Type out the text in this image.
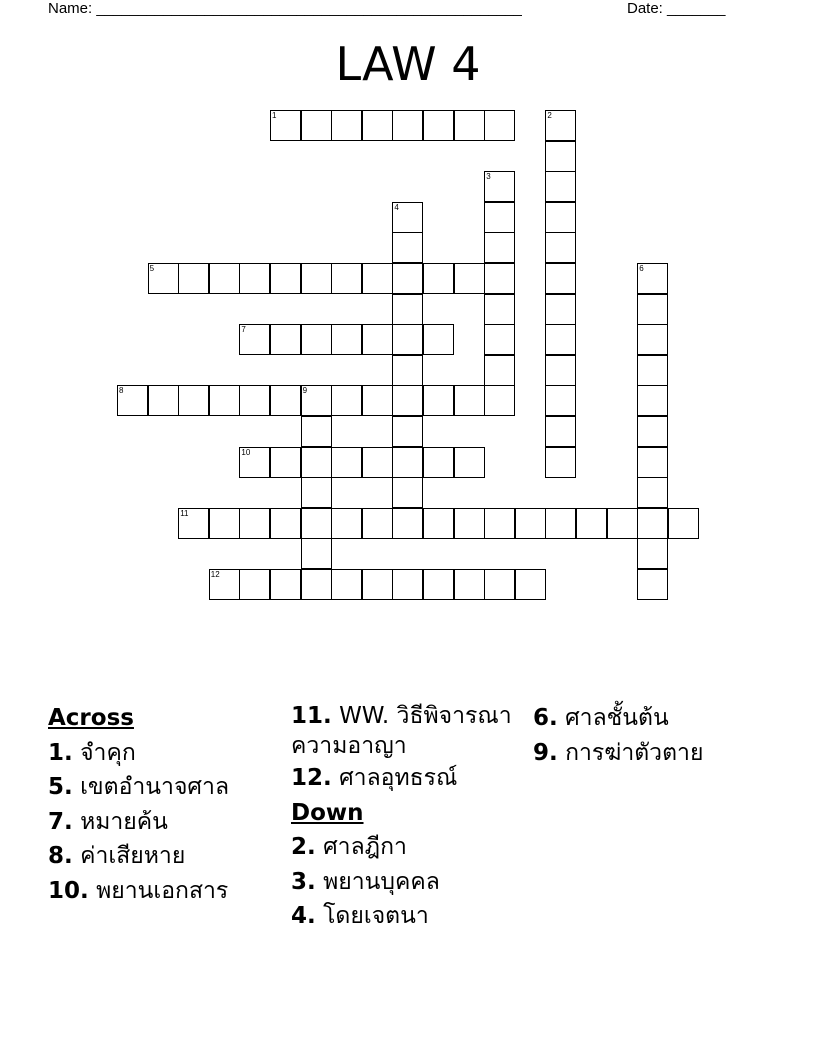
Name: ___________________________________________________	Date: _______
LAW 4
1	2
3
4
5	6
7
8	9
10
11
12
Across
1. จำคุก
5. เขตอำนาจศาล
7. หมายค้น
8. ค่าเสียหาย
10. พยานเอกสาร
11. WW. วิธีพิจารณาความอาญา
12. ศาลอุทธรณ์
Down
2. ศาลฎีกา
3. พยานบุคคล
4. โดยเจตนา
6. ศาลชั้นต้น
9. การฆ่าตัวตาย
